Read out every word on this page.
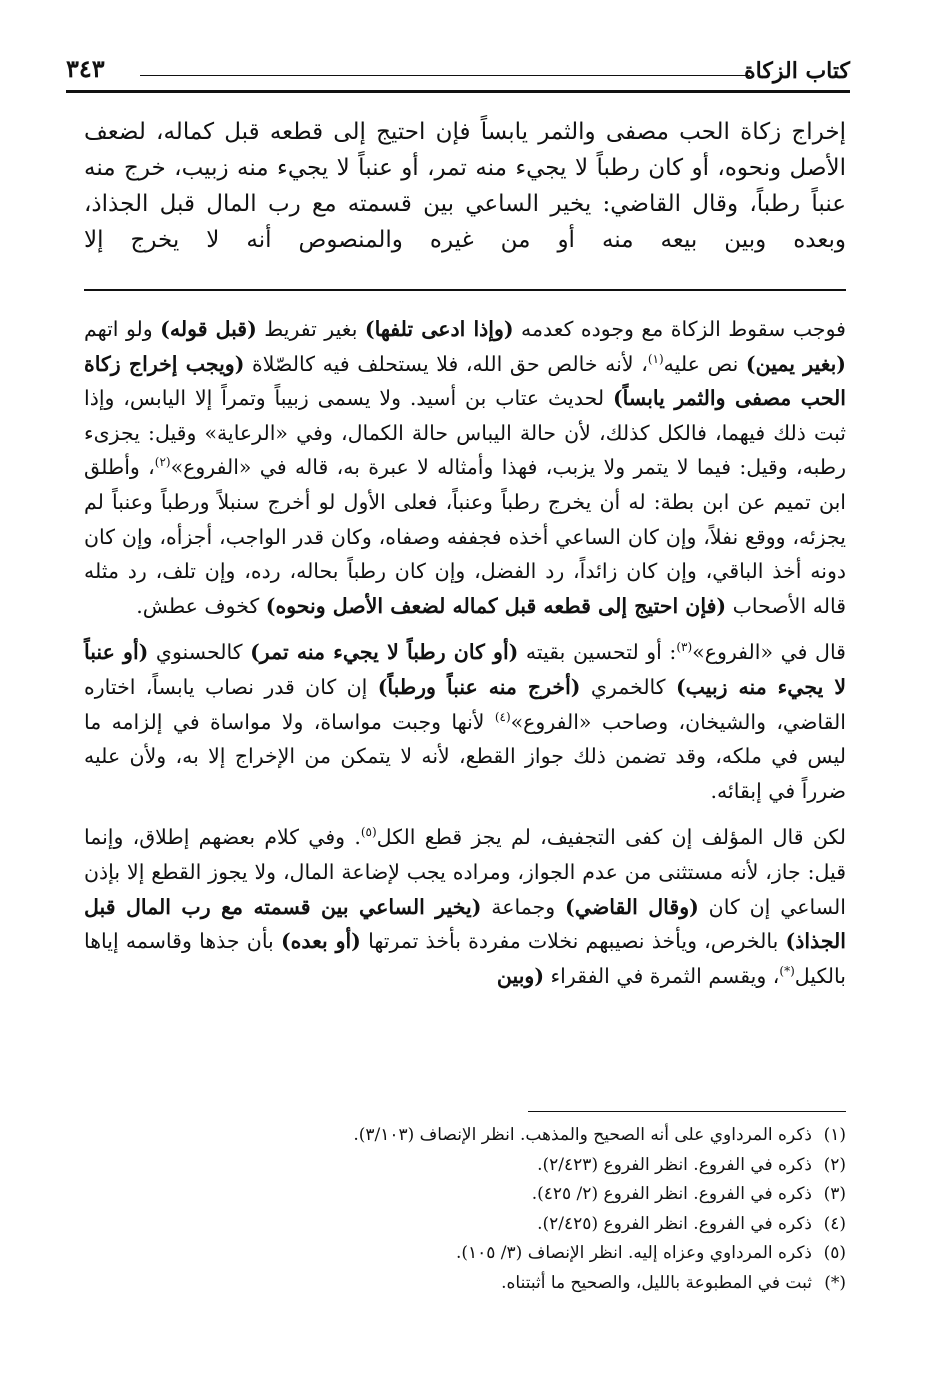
كتاب الزكاة
٣٤٣

إخراج زكاة الحب مصفى والثمر يابساً فإن احتيج إلى قطعه قبل كماله، لضعف الأصل ونحوه، أو كان رطباً لا يجيء منه تمر، أو عنباً لا يجيء منه زبيب، خرج منه عنباً رطباً، وقال القاضي: يخير الساعي بين قسمته مع رب المال قبل الجذاذ، وبعده وبين بيعه منه أو من غيره والمنصوص أنه لا يخرج إلا

فوجب سقوط الزكاة مع وجوده كعدمه (وإذا ادعى تلفها) بغير تفريط (قبل قوله) ولو اتهم (بغير يمين) نص عليه$^{(١)}$، لأنه خالص حق الله، فلا يستحلف فيه كالصّلاة (ويجب إخراج زكاة الحب مصفى والثمر يابساً) لحديث عتاب بن أسيد. ولا يسمى زبيباً وتمراً إلا اليابس، وإذا ثبت ذلك فيهما، فالكل كذلك، لأن حالة اليباس حالة الكمال، وفي «الرعاية» وقيل: يجزىء رطبه، وقيل: فيما لا يتمر ولا يزبب، فهذا وأمثاله لا عبرة به، قاله في «الفروع»$^{(٢)}$، وأطلق ابن تميم عن ابن بطة: له أن يخرج رطباً وعنباً، فعلى الأول لو أخرج سنبلاً ورطباً وعنباً لم يجزئه، ووقع نفلاً، وإن كان الساعي أخذه فجففه وصفاه، وكان قدر الواجب، أجزأه، وإن كان دونه أخذ الباقي، وإن كان زائداً، رد الفضل، وإن كان رطباً بحاله، رده، وإن تلف، رد مثله قاله الأصحاب (فإن احتيج إلى قطعه قبل كماله لضعف الأصل ونحوه) كخوف عطش.

قال في «الفروع»$^{(٣)}$: أو لتحسين بقيته (أو كان رطباً لا يجيء منه تمر) كالحسنوي (أو عنباً لا يجيء منه زبيب) كالخمري (أخرج منه عنباً ورطباً) إن كان قدر نصاب يابساً، اختاره القاضي، والشيخان، وصاحب «الفروع»$^{(٤)}$ لأنها وجبت مواساة، ولا مواساة في إلزامه ما ليس في ملكه، وقد تضمن ذلك جواز القطع، لأنه لا يتمكن من الإخراج إلا به، ولأن عليه ضرراً في إبقائه.

لكن قال المؤلف إن كفى التجفيف، لم يجز قطع الكل$^{(٥)}$. وفي كلام بعضهم إطلاق، وإنما قيل: جاز، لأنه مستثنى من عدم الجواز، ومراده يجب لإضاعة المال، ولا يجوز القطع إلا بإذن الساعي إن كان (وقال القاضي) وجماعة (يخير الساعي بين قسمته مع رب المال قبل الجذاذ) بالخرص، ويأخذ نصيبهم نخلات مفردة بأخذ تمرتها (أو بعده) بأن جذها وقاسمه إياها بالكيل(*)، ويقسم الثمرة في الفقراء (وبين

(١)ذكره المرداوي على أنه الصحيح والمذهب. انظر الإنصاف (٣/١٠٣).

(٢)ذكره في الفروع. انظر الفروع (٢/٤٢٣).

(٣)ذكره في الفروع. انظر الفروع (٢/ ٤٢٥).

(٤)ذكره في الفروع. انظر الفروع (٢/٤٢٥).

(٥)ذكره المرداوي وعزاه إليه. انظر الإنصاف (٣/ ١٠٥).

(*)ثبت في المطبوعة بالليل، والصحيح ما أثبتناه.
